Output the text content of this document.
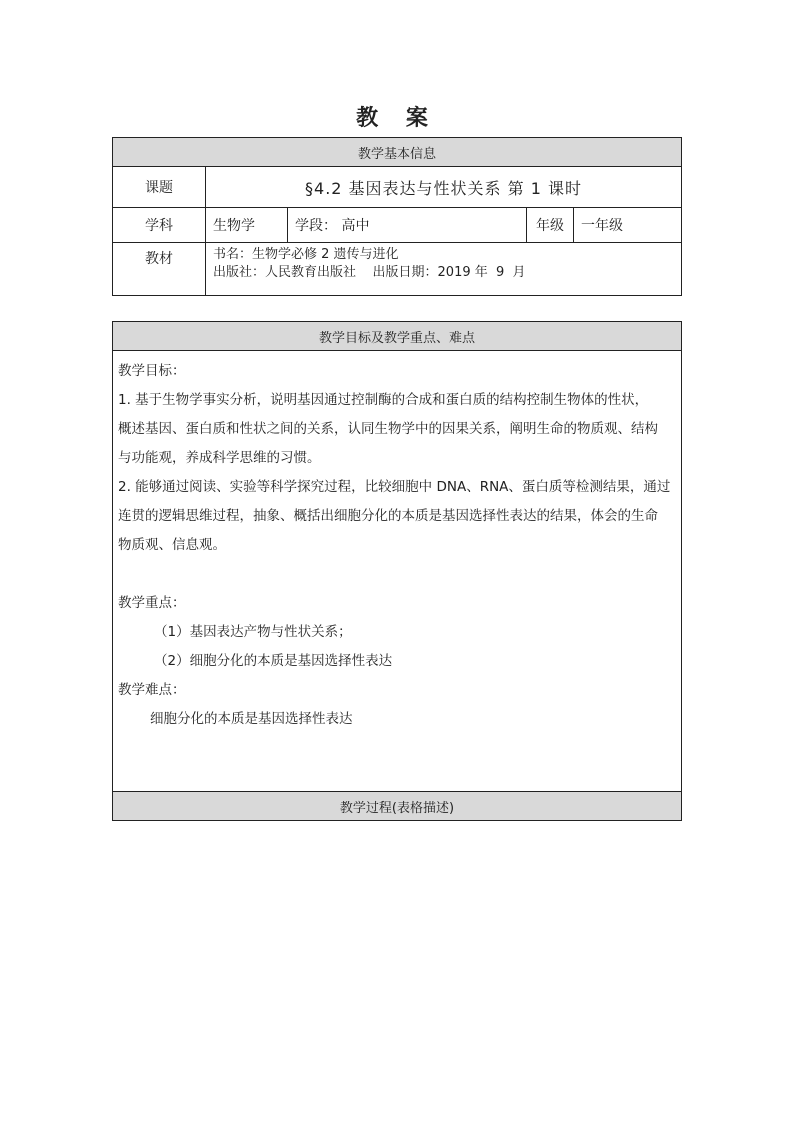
教 案
教学基本信息				
课题	§4.2 基因表达与性状关系 第 1 课时			
学科	生物学	学段： 高中	年级	一年级
教材	书名：生物学必修 2 遗传与进化
出版社：人民教育出版社    出版日期：2019 年  9  月			
教学目标及教学重点、难点

教学目标：

1. 基于生物学事实分析，说明基因通过控制酶的合成和蛋白质的结构控制生物体的性状，

概述基因、蛋白质和性状之间的关系，认同生物学中的因果关系，阐明生命的物质观、结构

与功能观，养成科学思维的习惯。

2. 能够通过阅读、实验等科学探究过程，比较细胞中 DNA、RNA、蛋白质等检测结果，通过

连贯的逻辑思维过程，抽象、概括出细胞分化的本质是基因选择性表达的结果，体会的生命

物质观、信息观。

教学重点：

（1）基因表达产物与性状关系；

（2）细胞分化的本质是基因选择性表达

教学难点：

细胞分化的本质是基因选择性表达

教学过程(表格描述)
